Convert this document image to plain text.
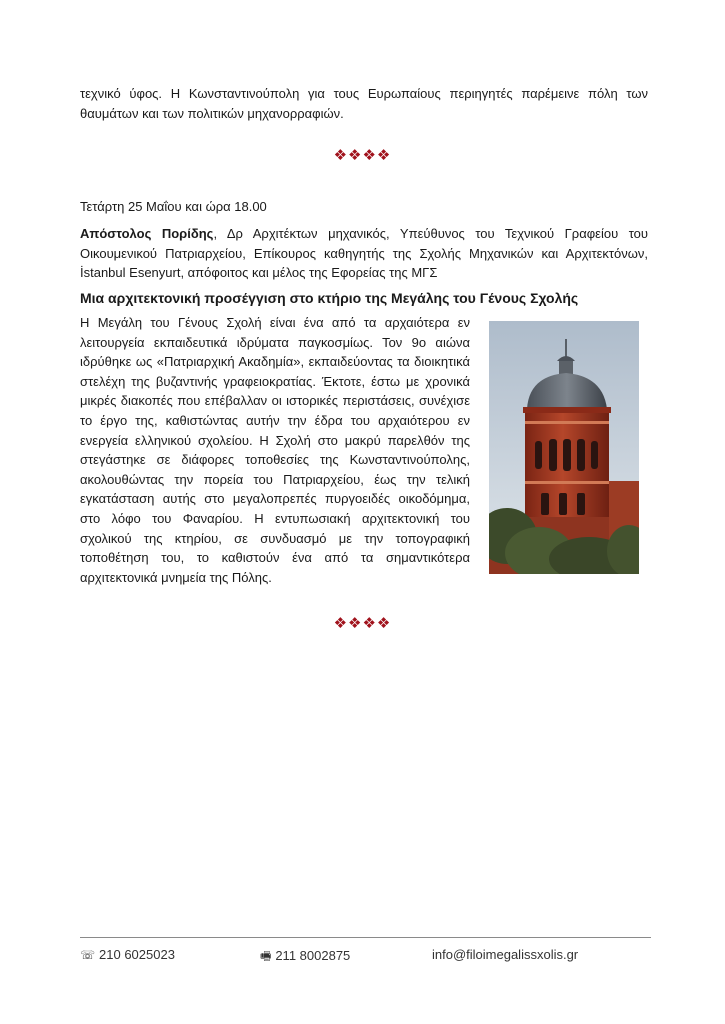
τεχνικό ύφος. Η Κωνσταντινούπολη για τους Ευρωπαίους περιηγητές παρέμεινε πόλη των θαυμάτων και των πολιτικών μηχανορραφιών.

❖❖❖❖

Τετάρτη 25 Μαΐου και ώρα 18.00

Απόστολος Πορίδης, Δρ Αρχιτέκτων μηχανικός, Υπεύθυνος του Τεχνικού Γραφείου του Οικουμενικού Πατριαρχείου, Επίκουρος καθηγητής της Σχολής Μηχανικών και Αρχιτεκτόνων, İstanbul Esenyurt, απόφοιτος και μέλος της Εφορείας της ΜΓΣ

Μια αρχιτεκτονική προσέγγιση στο κτήριο της Μεγάλης του Γένους Σχολής

Η Μεγάλη του Γένους Σχολή είναι ένα από τα αρχαιότερα εν λειτουργεία εκπαιδευτικά ιδρύματα παγκοσμίως. Τον 9ο αιώνα ιδρύθηκε ως «Πατριαρχική Ακαδημία», εκπαιδεύοντας τα διοικητικά στελέχη της βυζαντινής γραφειοκρατίας. Έκτοτε, έστω με χρονικά μικρές διακοπές που επέβαλλαν οι ιστορικές περιστάσεις, συνέχισε το έργο της, καθιστώντας αυτήν την έδρα του αρχαιότερου εν ενεργεία ελληνικού σχολείου. Η Σχολή στο μακρύ παρελθόν της στεγάστηκε σε διάφορες τοποθεσίες της Κωνσταντινούπολης, ακολουθώντας την πορεία του Πατριαρχείου, έως την τελική εγκατάσταση αυτής στο μεγαλοπρεπές πυργοειδές οικοδόμημα, στο λόφο του Φαναρίου. Η εντυπωσιακή αρχιτεκτονική του σχολικού της κτηρίου, σε συνδυασμό με την τοπογραφική τοποθέτηση του, το καθιστούν ένα από τα σημαντικότερα αρχιτεκτονικά μνημεία της Πόλης.

❖❖❖❖
☏ 210 6025023	🖷 211 8002875	info@filoimegalissxolis.gr
